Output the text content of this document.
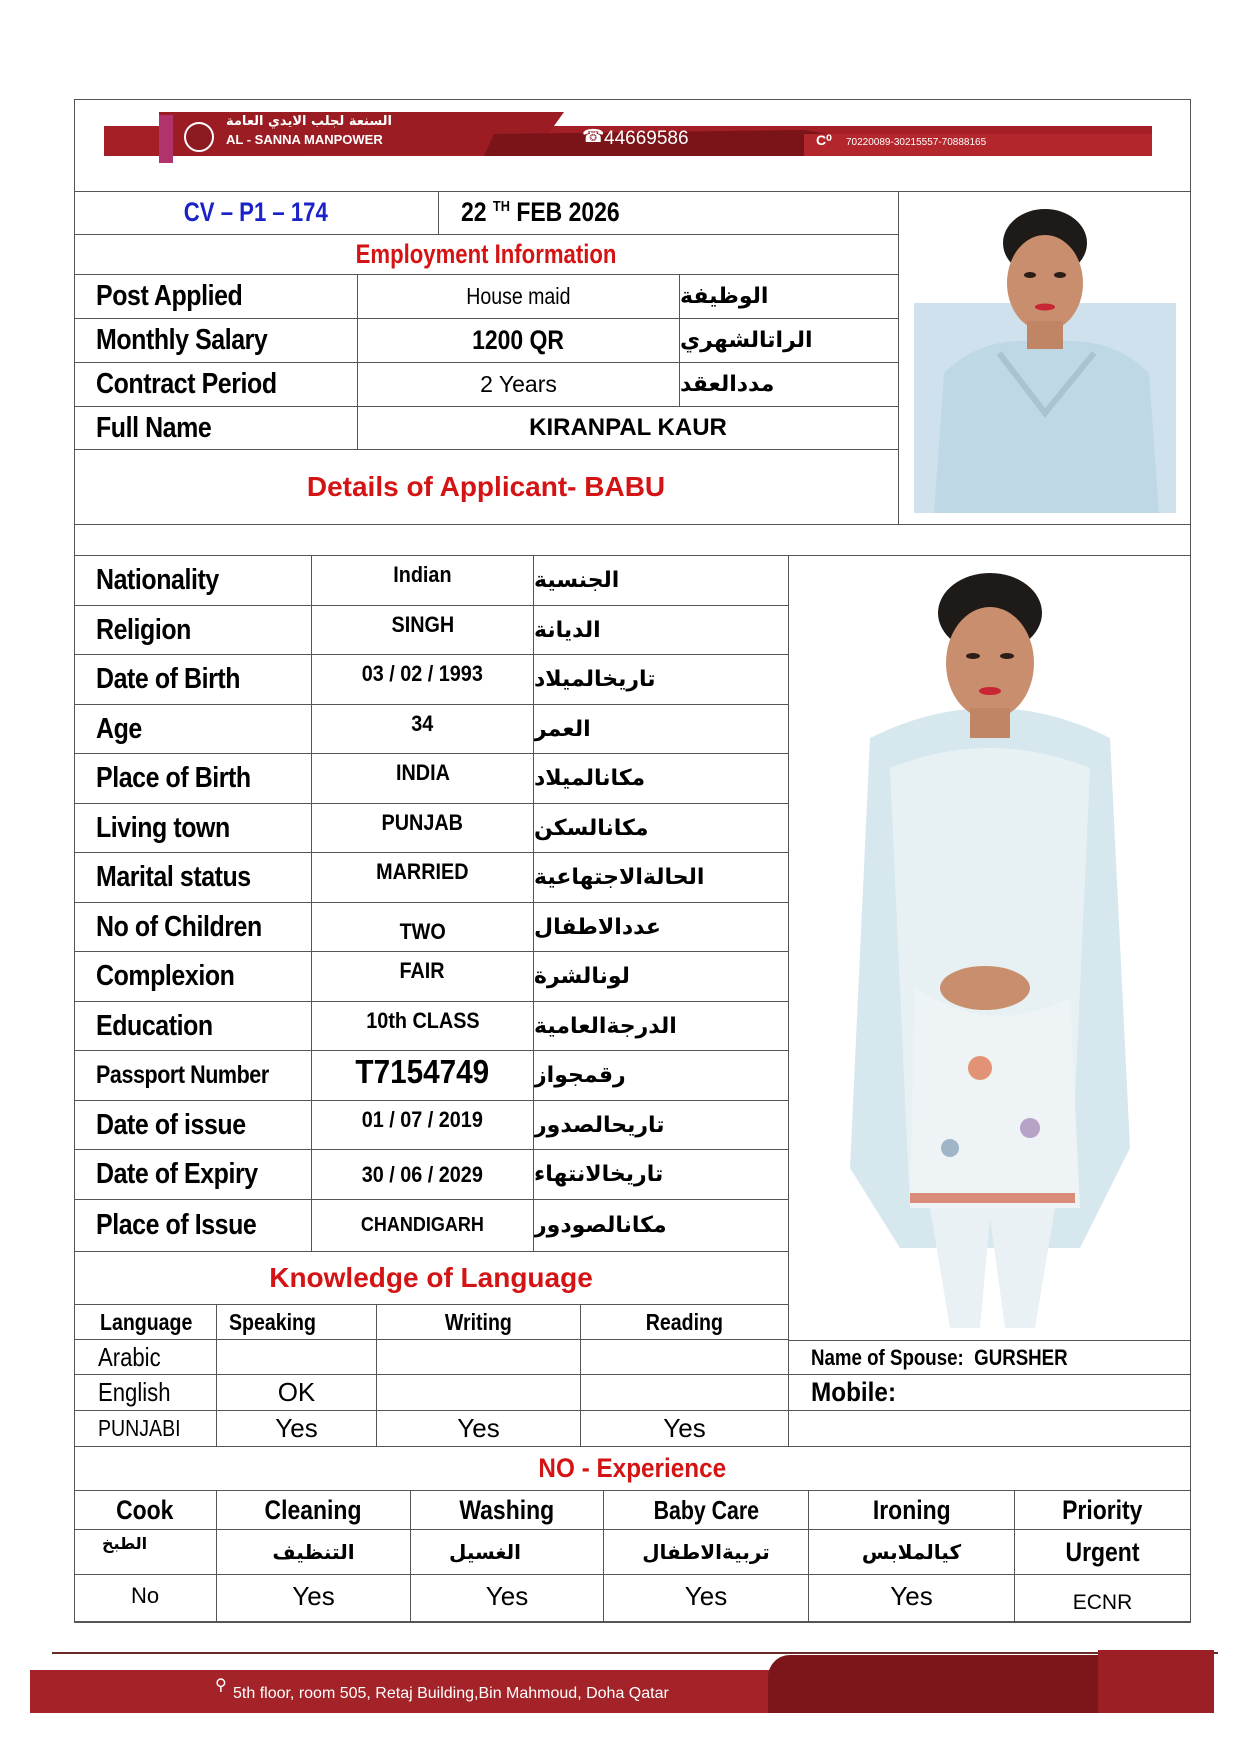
السنعة لجلب الايدي العامة
AL - SANNA MANPOWER	☎ 44669586	C⁰ 70220089-30215557-70888165
CV – P1 – 174	22 $^{TH}$ FEB 2026
Employment Information
Post Applied	House maid	الوظيفة
Monthly Salary	1200 QR	الراتالشهري
Contract Period	2 Years	مددالعقد
Full Name	KIRANPAL KAUR
Details of Applicant- BABU
Nationality	Indian	الجنسية
Religion	SINGH	الديانة
Date of Birth	03 / 02 / 1993 تاريخالميلاد
Age	34	العمر
Place of Birth	INDIA	مكانالميلاد
Living town	PUNJAB	مكانالسكن
Marital status	MARRIED	الحالةالاجتهاعية
No of Children	TWO	عددالاطفال
Complexion	FAIR	لونالشرة
Education	10th CLASS الدرجةالعامية
Passport Number	T7154749 رقمجواز
Date of issue	01 / 07 / 2019 تاريحالصدور
Date of Expiry	30 / 06 / 2029 تاريخالانتهاء
Place of Issue	CHANDIGARH مكانالصودور
Knowledge of Language
Language Speaking	Writing	Reading
Arabic
English	OK
PUNJABI	Yes	Yes	Yes
Name of Spouse: GURSHER
Mobile:
NO - Experience
Cook	Cleaning	Washing	Baby Care	Ironing	Priority
الطبخ	التنظيف	الغسيل	تربيةالاطفال	كيالملابس	Urgent
No	Yes	Yes	Yes	Yes	ECNR
⚲ 5th floor, room 505, Retaj Building,Bin Mahmoud, Doha Qatar
